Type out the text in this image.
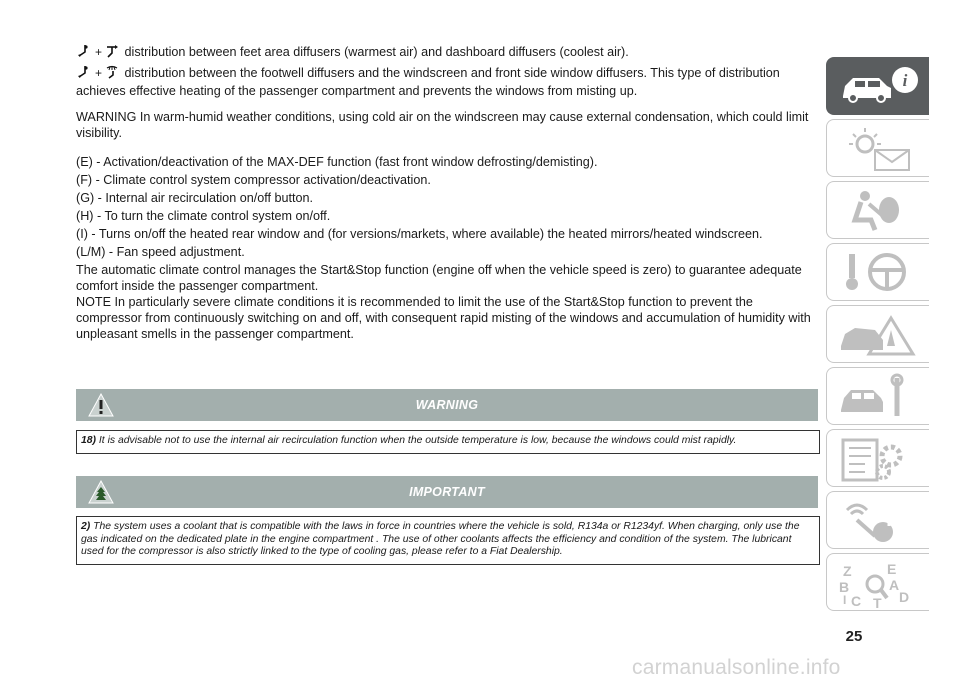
+ distribution between feet area diffusers (warmest air) and dashboard diffusers (coolest air).
+ distribution between the footwell diffusers and the windscreen and front side window diffusers. This type of distribution achieves effective heating of the passenger compartment and prevents the windows from misting up.

WARNING In warm-humid weather conditions, using cold air on the windscreen may cause external condensation, which could limit visibility.

(E) - Activation/deactivation of the MAX-DEF function (fast front window defrosting/demisting).

(F) - Climate control system compressor activation/deactivation.

(G) - Internal air recirculation on/off button.

(H) - To turn the climate control system on/off.

(I) - Turns on/off the heated rear window and (for versions/markets, where available) the heated mirrors/heated windscreen.

(L/M) - Fan speed adjustment.

The automatic climate control manages the Start&Stop function (engine off when the vehicle speed is zero) to guarantee adequate comfort inside the passenger compartment.

NOTE In particularly severe climate conditions it is recommended to limit the use of the Start&Stop function to prevent the compressor from continuously switching on and off, with consequent rapid misting of the windows and accumulation of humidity with unpleasant smells in the passenger compartment.

WARNING
18) It is advisable not to use the internal air recirculation function when the outside temperature is low, because the windows could mist rapidly.
IMPORTANT
2) The system uses a coolant that is compatible with the laws in force in countries where the vehicle is sold, R134a or R1234yf. When charging, only use the gas indicated on the dedicated plate in the engine compartment . The use of other coolants affects the efficiency and condition of the system. The lubricant used for the compressor is also strictly linked to the type of cooling gas, please refer to a Fiat Dealership.
i
Z	E
B	A
C T D
I
25
carmanualsonline.info
